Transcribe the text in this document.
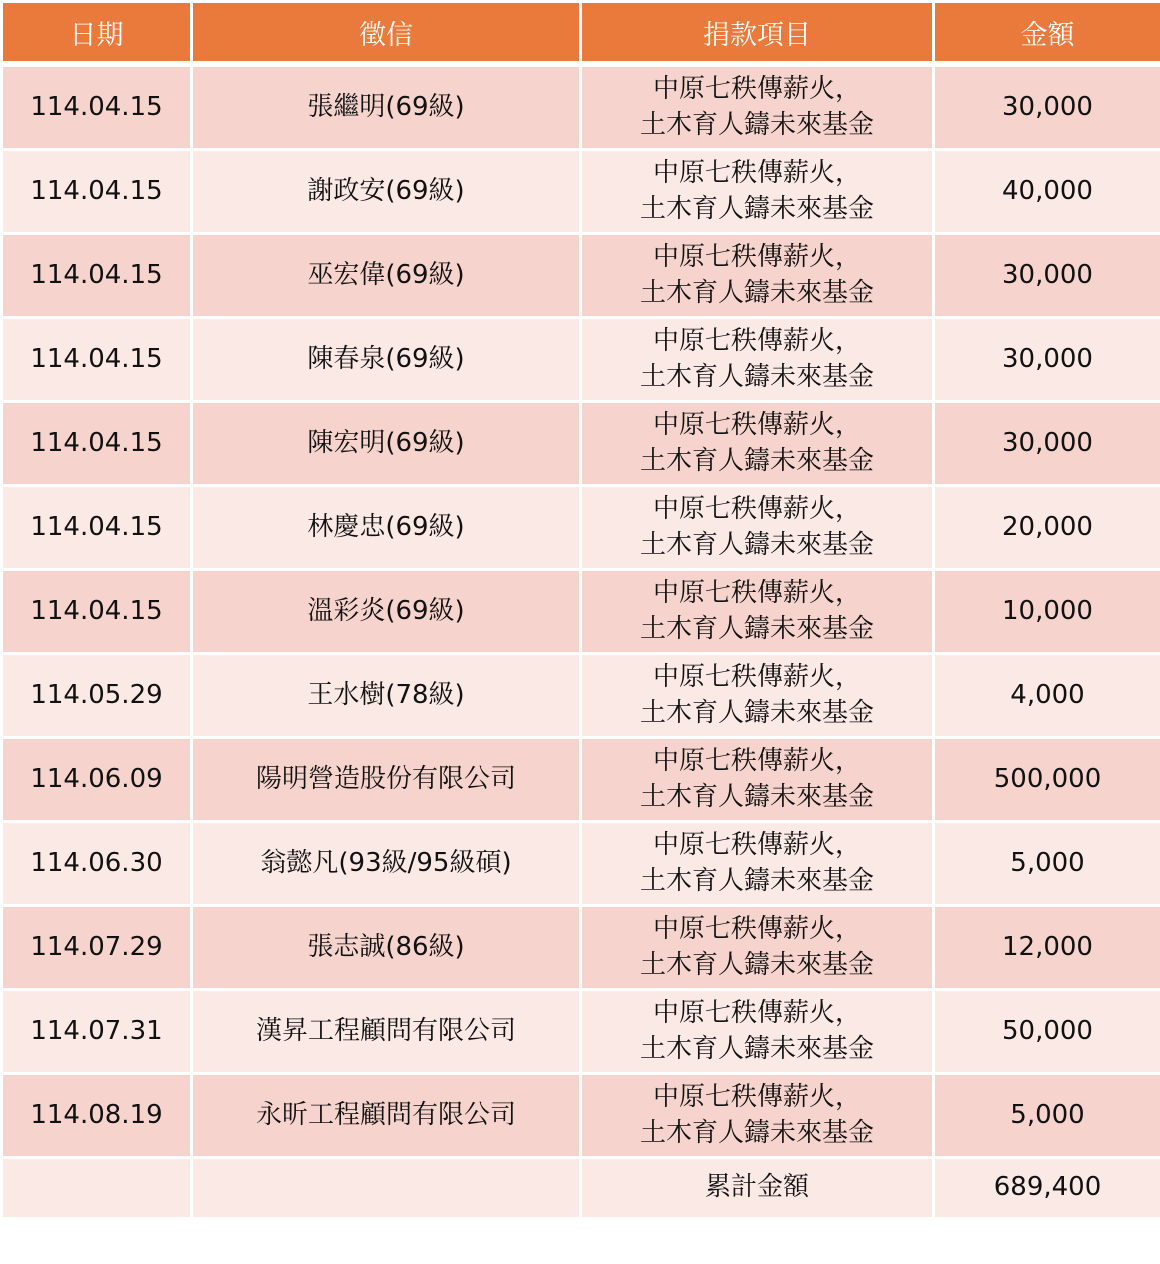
日期	徵信	捐款項目	金額
114.04.15	張繼明(69級)	中原七秩傳薪火，
土木育人鑄未來基金	30,000
114.04.15	謝政安(69級)	中原七秩傳薪火，
土木育人鑄未來基金	40,000
114.04.15	巫宏偉(69級)	中原七秩傳薪火，
土木育人鑄未來基金	30,000
114.04.15	陳春泉(69級)	中原七秩傳薪火，
土木育人鑄未來基金	30,000
114.04.15	陳宏明(69級)	中原七秩傳薪火，
土木育人鑄未來基金	30,000
114.04.15	林慶忠(69級)	中原七秩傳薪火，
土木育人鑄未來基金	20,000
114.04.15	溫彩炎(69級)	中原七秩傳薪火，
土木育人鑄未來基金	10,000
114.05.29	王水樹(78級)	中原七秩傳薪火，
土木育人鑄未來基金	4,000
114.06.09	陽明營造股份有限公司	中原七秩傳薪火，
土木育人鑄未來基金	500,000
114.06.30	翁懿凡(93級/95級碩)	中原七秩傳薪火，
土木育人鑄未來基金	5,000
114.07.29	張志誠(86級)	中原七秩傳薪火，
土木育人鑄未來基金	12,000
114.07.31	漢昇工程顧問有限公司	中原七秩傳薪火，
土木育人鑄未來基金	50,000
114.08.19	永昕工程顧問有限公司	中原七秩傳薪火，
土木育人鑄未來基金	5,000
		累計金額	689,400
